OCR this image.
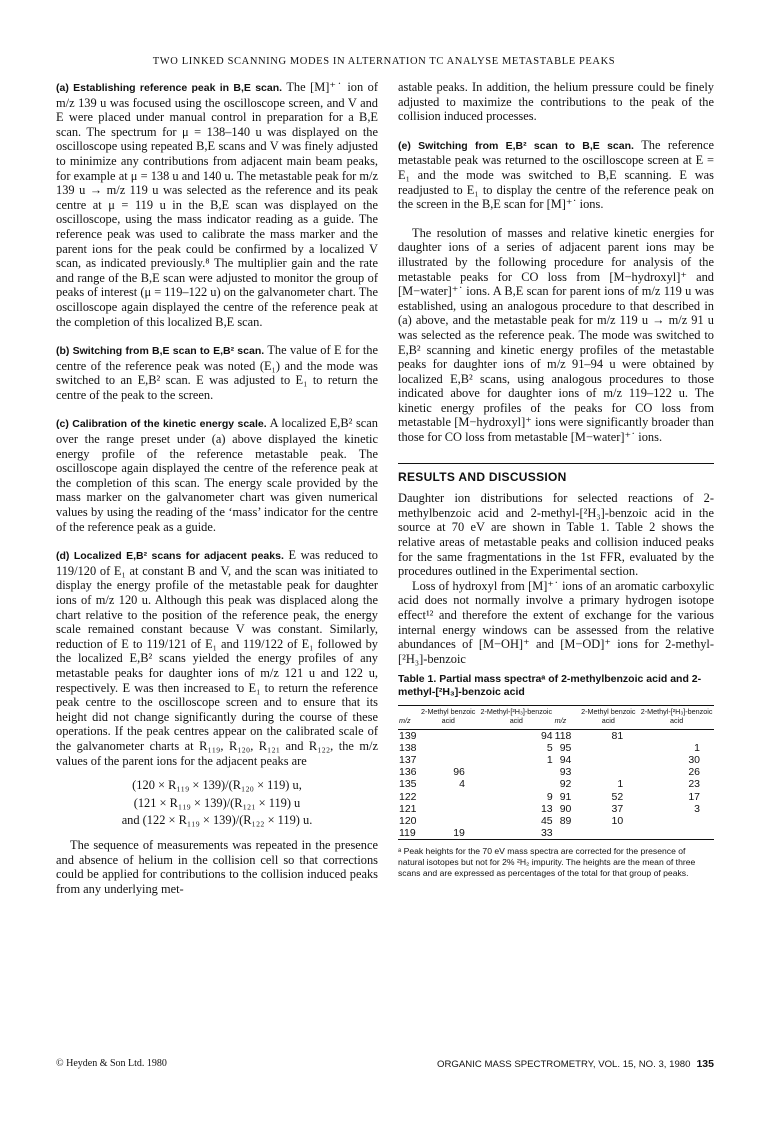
TWO LINKED SCANNING MODES IN ALTERNATION TC ANALYSE METASTABLE PEAKS

(a) Establishing reference peak in B,E scan. The [M]⁺˙ ion of m/z 139 u was focused using the oscilloscope screen, and V and E were placed under manual control in preparation for a B,E scan. The spectrum for μ = 138–140 u was displayed on the oscilloscope using repeated B,E scans and V was finely adjusted to minimize any contributions from adjacent main beam peaks, for example at μ = 138 u and 140 u. The metastable peak for m/z 139 u → m/z 119 u was selected as the reference and its peak centre at μ = 119 u in the B,E scan was displayed on the oscilloscope, using the mass indicator reading as a guide. The reference peak was used to calibrate the mass marker and the parent ions for the peak could be confirmed by a localized V scan, as indicated previously.⁸ The multiplier gain and the rate and range of the B,E scan were adjusted to monitor the group of peaks of interest (μ = 119–122 u) on the galvanometer chart. The oscilloscope again displayed the centre of the reference peak at the completion of this localized B,E scan.

(b) Switching from B,E scan to E,B² scan. The value of E for the centre of the reference peak was noted (E₁) and the mode was switched to an E,B² scan. E was adjusted to E₁ to return the centre of the peak to the screen.

(c) Calibration of the kinetic energy scale. A localized E,B² scan over the range preset under (a) above displayed the kinetic energy profile of the reference metastable peak. The oscilloscope again displayed the centre of the reference peak at the completion of this scan. The energy scale provided by the mass marker on the galvanometer chart was given numerical values by using the reading of the ‘mass’ indicator for the centre of the reference peak as a guide.

(d) Localized E,B² scans for adjacent peaks. E was reduced to 119/120 of E₁ at constant B and V, and the scan was initiated to display the energy profile of the metastable peak for daughter ions of m/z 120 u. Although this peak was displaced along the chart relative to the position of the reference peak, the energy scale remained constant because V was constant. Similarly, reduction of E to 119/121 of E₁ and 119/122 of E₁ followed by the localized E,B² scans yielded the energy profiles of any metastable peaks for daughter ions of m/z 121 u and 122 u, respectively. E was then increased to E₁ to return the reference peak centre to the oscilloscope screen and to ensure that its height did not change significantly during the course of these operations. If the peak centres appear on the calibrated scale of the galvanometer charts at R₁₁₉, R₁₂₀, R₁₂₁ and R₁₂₂, the m/z values of the parent ions for the adjacent peaks are

(120 × R₁₁₉ × 139)/(R₁₂₀ × 119) u,

(121 × R₁₁₉ × 139)/(R₁₂₁ × 119) u

and (122 × R₁₁₉ × 139)/(R₁₂₂ × 119) u.

The sequence of measurements was repeated in the presence and absence of helium in the collision cell so that corrections could be applied for contributions to the collision induced peaks from any underlying met-

astable peaks. In addition, the helium pressure could be finely adjusted to maximize the contributions to the peak of the collision induced processes.

(e) Switching from E,B² scan to B,E scan. The reference metastable peak was returned to the oscilloscope screen at E = E₁ and the mode was switched to B,E scanning. E was readjusted to E₁ to display the centre of the reference peak on the screen in the B,E scan for [M]⁺˙ ions.

The resolution of masses and relative kinetic energies for daughter ions of a series of adjacent parent ions may be illustrated by the following procedure for analysis of the metastable peaks for CO loss from [M−hydroxyl]⁺ and [M−water]⁺˙ ions. A B,E scan for parent ions of m/z 119 u was established, using an analogous procedure to that described in (a) above, and the metastable peak for m/z 119 u → m/z 91 u was selected as the reference peak. The mode was switched to E,B² scanning and kinetic energy profiles of the metastable peaks for daughter ions of m/z 91–94 u were obtained by localized E,B² scans, using analogous procedures to those indicated above for daughter ions of m/z 119–122 u. The kinetic energy profiles of the peaks for CO loss from metastable [M−hydroxyl]⁺ ions were significantly broader than those for CO loss from metastable [M−water]⁺˙ ions.

RESULTS AND DISCUSSION

Daughter ion distributions for selected reactions of 2-methylbenzoic acid and 2-methyl-[²H₃]-benzoic acid in the source at 70 eV are shown in Table 1. Table 2 shows the relative areas of metastable peaks and collision induced peaks for the same fragmentations in the 1st FFR, evaluated by the procedures outlined in the Experimental section.

Loss of hydroxyl from [M]⁺˙ ions of an aromatic carboxylic acid does not normally involve a primary hydrogen isotope effect¹² and therefore the extent of exchange for the various internal energy windows can be assessed from the relative abundances of [M−OH]⁺ and [M−OD]⁺ ions for 2-methyl-[²H₃]-benzoic

Table 1. Partial mass spectraᵃ of 2-methylbenzoic acid and 2-methyl-[²H₃]-benzoic acid
m/z	2-Methyl benzoic acid	2-Methyl-[²H₃]-benzoic acid	m/z	2-Methyl benzoic acid	2-Methyl-[²H₃]-benzoic acid
139		94	118	81	
138		5	95		1
137		1	94		30
136	96		93		26
135	4		92	1	23
122		9	91	52	17
121		13	90	37	3
120		45	89	10	
119	19	33			
ᵃ Peak heights for the 70 eV mass spectra are corrected for the presence of natural isotopes but not for 2% ²H₂ impurity. The heights are the mean of three scans and are expressed as percentages of the total for that group of peaks.
© Heyden & Son Ltd. 1980	ORGANIC MASS SPECTROMETRY, VOL. 15, NO. 3, 1980 135
